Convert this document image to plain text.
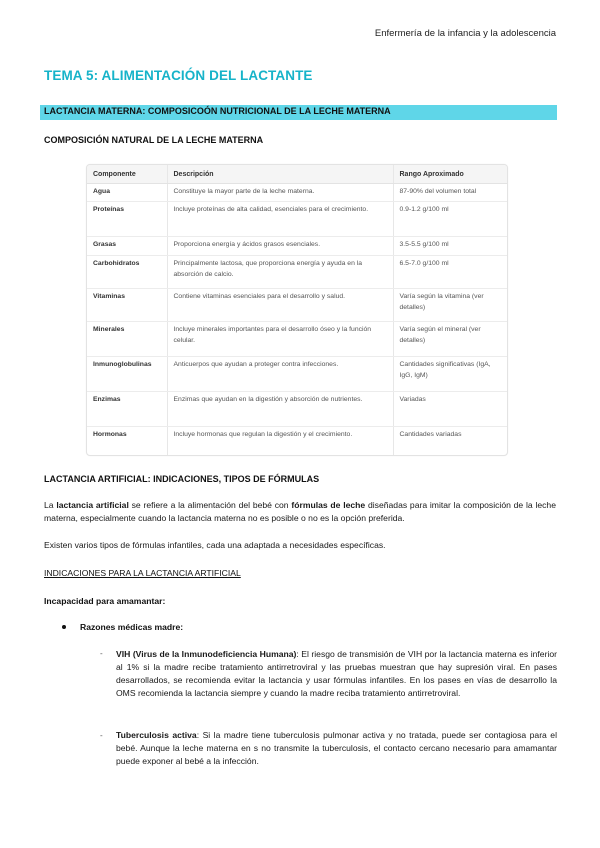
Enfermería de la infancia y la adolescencia
TEMA 5: ALIMENTACIÓN DEL LACTANTE
LACTANCIA MATERNA: COMPOSICOÓN NUTRICIONAL DE LA LECHE MATERNA
COMPOSICIÓN NATURAL DE LA LECHE MATERNA
Componente	Descripción	Rango Aproximado
Agua	Constituye la mayor parte de la leche materna.	87-90% del volumen total
Proteínas	Incluye proteínas de alta calidad, esenciales para el crecimiento.	0.9-1.2 g/100 ml
Grasas	Proporciona energía y ácidos grasos esenciales.	3.5-5.5 g/100 ml
Carbohidratos	Principalmente lactosa, que proporciona energía y ayuda en la absorción de calcio.	6.5-7.0 g/100 ml
Vitaminas	Contiene vitaminas esenciales para el desarrollo y salud.	Varía según la vitamina (ver detalles)
Minerales	Incluye minerales importantes para el desarrollo óseo y la función celular.	Varía según el mineral (ver detalles)
Inmunoglobulinas	Anticuerpos que ayudan a proteger contra infecciones.	Cantidades significativas (IgA, IgG, IgM)
Enzimas	Enzimas que ayudan en la digestión y absorción de nutrientes.	Variadas
Hormonas	Incluye hormonas que regulan la digestión y el crecimiento.	Cantidades variadas
LACTANCIA ARTIFICIAL: INDICACIONES, TIPOS DE FÓRMULAS
La lactancia artificial se refiere a la alimentación del bebé con fórmulas de leche diseñadas para imitar la composición de la leche materna, especialmente cuando la lactancia materna no es posible o no es la opción preferida.
Existen varios tipos de fórmulas infantiles, cada una adaptada a necesidades específicas.
INDICACIONES PARA LA LACTANCIA ARTIFICIAL
Incapacidad para amamantar:
Razones médicas madre:
- VIH (Virus de la Inmunodeficiencia Humana): El riesgo de transmisión de VIH por la lactancia materna es inferior al 1% si la madre recibe tratamiento antirretroviral y las pruebas muestran que hay supresión viral. En pases desarrollados, se recomienda evitar la lactancia y usar fórmulas infantiles. En los pases en vías de desarrollo la OMS recomienda la lactancia siempre y cuando la madre reciba tratamiento antirretroviral.
- Tuberculosis activa: Si la madre tiene tuberculosis pulmonar activa y no tratada, puede ser contagiosa para el bebé. Aunque la leche materna en s no transmite la tuberculosis, el contacto cercano necesario para amamantar puede exponer al bebé a la infección.
